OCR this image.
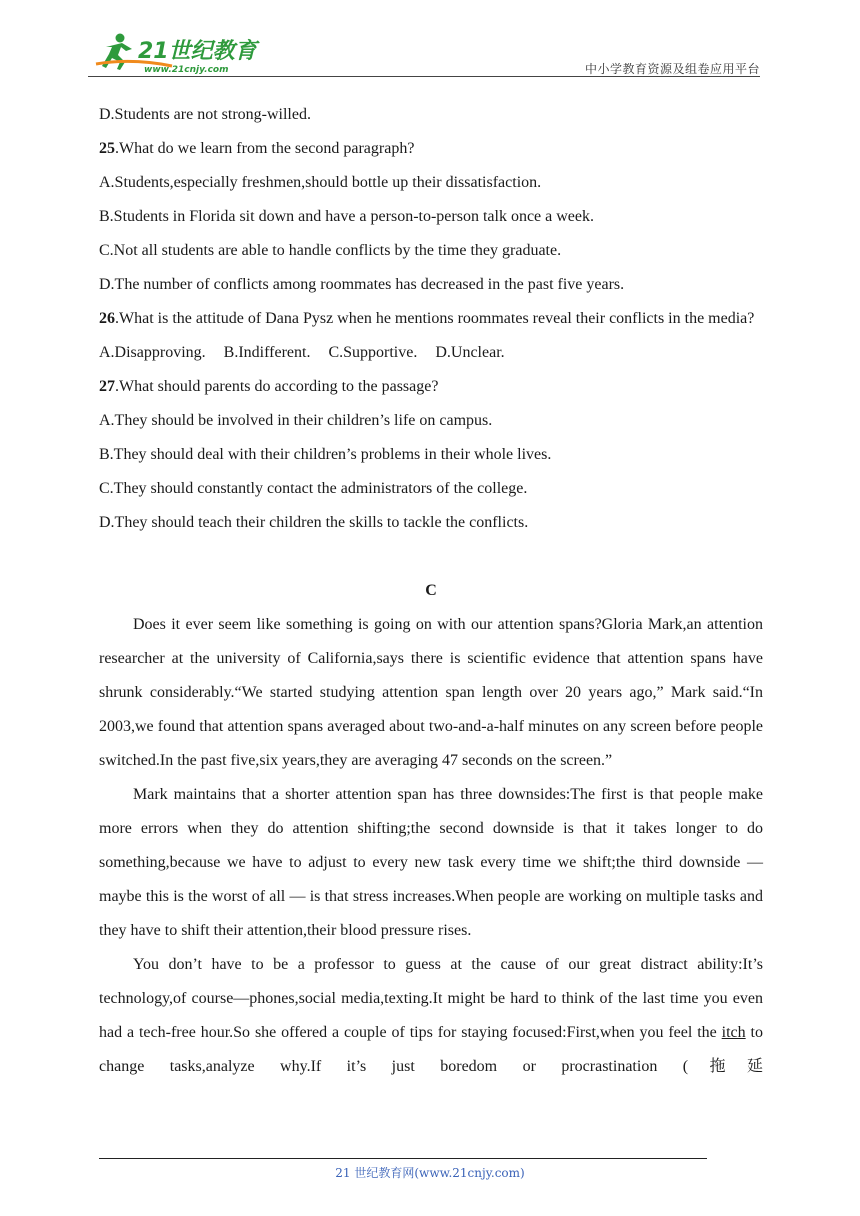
21世纪教育
www.21cnjy.com	中小学教育资源及组卷应用平台
D.Students are not strong-willed.
25.What do we learn from the second paragraph?
A.Students,especially freshmen,should bottle up their dissatisfaction.
B.Students in Florida sit down and have a person-to-person talk once a week.
C.Not all students are able to handle conflicts by the time they graduate.
D.The number of conflicts among roommates has decreased in the past five years.
26.What is the attitude of Dana Pysz when he mentions roommates reveal their conflicts in the media?
A.Disapproving. B.Indifferent. C.Supportive. D.Unclear.
27.What should parents do according to the passage?
A.They should be involved in their children’s life on campus.
B.They should deal with their children’s problems in their whole lives.
C.They should constantly contact the administrators of the college.
D.They should teach their children the skills to tackle the conflicts.
C

Does it ever seem like something is going on with our attention spans?Gloria Mark,an attention researcher at the university of California,says there is scientific evidence that attention spans have shrunk considerably.“We started studying attention span length over 20 years ago,” Mark said.“In 2003,we found that attention spans averaged about two-and-a-half minutes on any screen before people switched.In the past five,six years,they are averaging 47 seconds on the screen.”

Mark maintains that a shorter attention span has three downsides:The first is that people make more errors when they do attention shifting;the second downside is that it takes longer to do something,because we have to adjust to every new task every time we shift;the third downside — maybe this is the worst of all — is that stress increases.When people are working on multiple tasks and they have to shift their attention,their blood pressure rises.

You don’t have to be a professor to guess at the cause of our great distract ability:It’s technology,of course—phones,social media,texting.It might be hard to think of the last time you even had a tech-free hour.So she offered a couple of tips for staying focused:First,when you feel the itch to change tasks,analyze why.If it’s just boredom or procrastination (拖延

21 世纪教育网(www.21cnjy.com)
